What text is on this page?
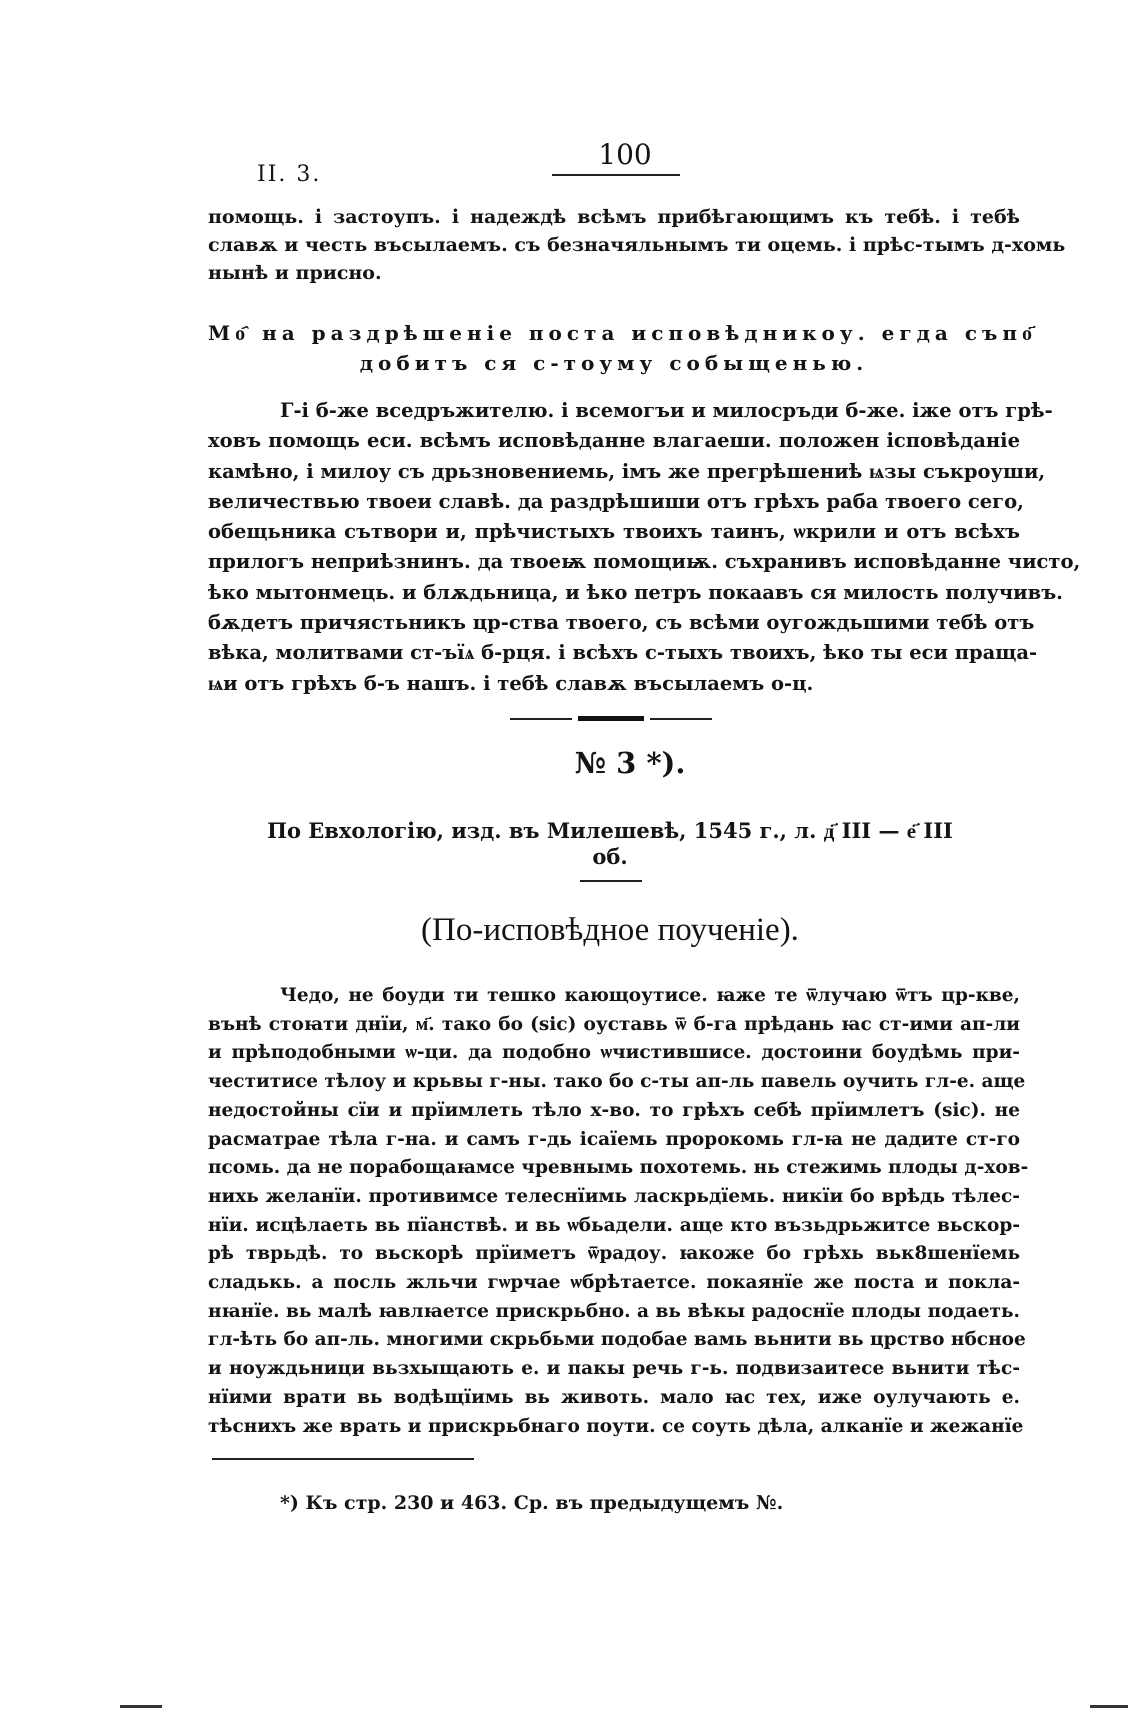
II. 3.
100
помощь. і застоупъ. і надеждѣ всѣмъ прибѣгающимъ къ тебѣ. і тебѣ
славѫ и честь въсылаемъ. съ безначяльнымъ ти оцемь. і прѣс-тымъ д-хомь
нынѣ и присно.
Мо҄ на раздрѣшеніе поста исповѣдникоу. егда съпо҃
добитъ ся с-тоуму собыщенью.
Г-і б-же вседръжителю. і всемогъи и милосръди б-же. іже отъ грѣ-
ховъ помощь еси. всѣмъ исповѣданне влагаеши. положен ісповѣданіе
камѣно, і милоу съ дрьзновениемь, імъ же прегрѣшениѣ ѩзы съкроуши,
величествью твоеи славѣ. да раздрѣшиши отъ грѣхъ раба твоего сего,
обещьника сътвори и, прѣчистыхъ твоихъ таинъ, ѡкрили и отъ всѣхъ
прилогъ неприѣзнинъ. да твоеѭ помощиѭ. съхранивъ исповѣданне чисто,
ѣко мытонмець. и блѫдьница, и ѣко петръ покаавъ ся милость получивъ.
бѫдетъ причястьникъ цр-ства твоего, съ всѣми оугождьшими тебѣ отъ
вѣка, молитвами ст-ъїѧ б-рця. і всѣхъ с-тыхъ твоихъ, ѣко ты еси праща-
ѩи отъ грѣхъ б-ъ нашъ. і тебѣ славѫ въсылаемъ о-ц.
№ 3 *).
По Евхологію, изд. въ Милешевѣ, 1545 г., л. д҃ ІІІ — е҃ ІІІ об.
(По-исповѣдное поученіе).
Чедо, не боуди ти тешко кающоутисе. ꙗже те ѿлучаю ѿтъ цр-кве,
вънѣ стоꙗти днїи, м҃. тако бо (sic) оуставь ѿ б-га прѣдань ꙗс ст-ими ап-ли
и прѣподобными ѡ-ци. да подобно ѡчистившисе. достоини боудѣмь при-
честитисе тѣлоу и крьвы г-ны. тако бо с-ты ап-ль павель оучить гл-е. аще
недостойны сїи и прїимлеть тѣло х-во. то грѣхъ себѣ прїимлетъ (sic). не
расматрае тѣла г-на. и самъ г-дь ісаїемь пророкомь гл-ꙗ не дадите ст-го
псомь. да не порабощаꙗмсе чревнымь похотемь. нь стежимь плоды д-хов-
нихь желанїи. противимсе телеснїимь ласкрьдїемь. никїи бо врѣдь тѣлес-
нїи. исцѣлаеть вь пїанствѣ. и вь ѡбьадели. аще кто възьдрьжитсе вьскор-
рѣ тврьдѣ. то вьскорѣ прїиметъ ѿрадоу. ꙗкоже бо грѣхь вьк8шенїемь
сладькь. а посль жльчи гѡрчае ѡбрѣтаетсе. покаянїе же поста и покла-
нꙗнїе. вь малѣ ꙗвлꙗетсе прискрьбно. а вь вѣкы радоснїе плоды подаеть.
гл-ѣть бо ап-ль. многими скрьбьми подобае вамь вьнити вь црство нбсное
и ноуждьници вьзхыщають е. и пакы речь г-ь. подвизаитесе вьнити тѣс-
нїими врати вь водѣщїимь вь животь. мало ꙗс тех, иже оулучають е.
тѣснихъ же врать и прискрьбнаго поути. се соуть дѣла, алканїе и жежанїе
*) Къ стр. 230 и 463. Ср. въ предыдущемъ №.
